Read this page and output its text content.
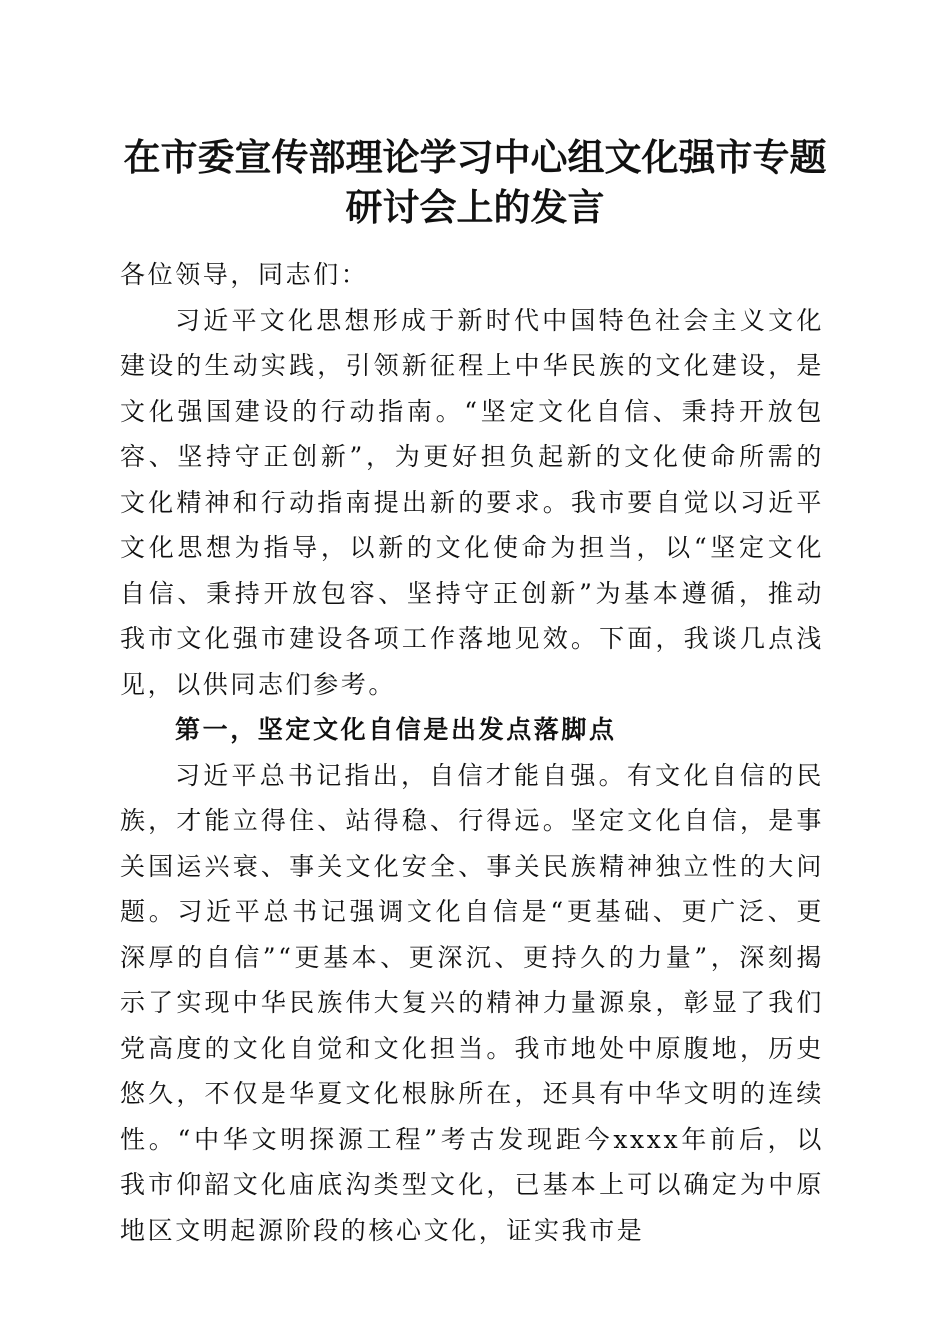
在市委宣传部理论学习中心组文化强市专题研讨会上的发言

各位领导，同志们：

习近平文化思想形成于新时代中国特色社会主义文化建设的生动实践，引领新征程上中华民族的文化建设，是文化强国建设的行动指南。“坚定文化自信、秉持开放包容、坚持守正创新”，为更好担负起新的文化使命所需的文化精神和行动指南提出新的要求。我市要自觉以习近平文化思想为指导，以新的文化使命为担当，以“坚定文化自信、秉持开放包容、坚持守正创新”为基本遵循，推动我市文化强市建设各项工作落地见效。下面，我谈几点浅见，以供同志们参考。

第一，坚定文化自信是出发点落脚点

习近平总书记指出，自信才能自强。有文化自信的民族，才能立得住、站得稳、行得远。坚定文化自信，是事关国运兴衰、事关文化安全、事关民族精神独立性的大问题。习近平总书记强调文化自信是“更基础、更广泛、更深厚的自信”“更基本、更深沉、更持久的力量”，深刻揭示了实现中华民族伟大复兴的精神力量源泉，彰显了我们党高度的文化自觉和文化担当。我市地处中原腹地，历史悠久，不仅是华夏文化根脉所在，还具有中华文明的连续性。“中华文明探源工程”考古发现距今xxxx年前后，以我市仰韶文化庙底沟类型文化，已基本上可以确定为中原地区文明起源阶段的核心文化，证实我市是
